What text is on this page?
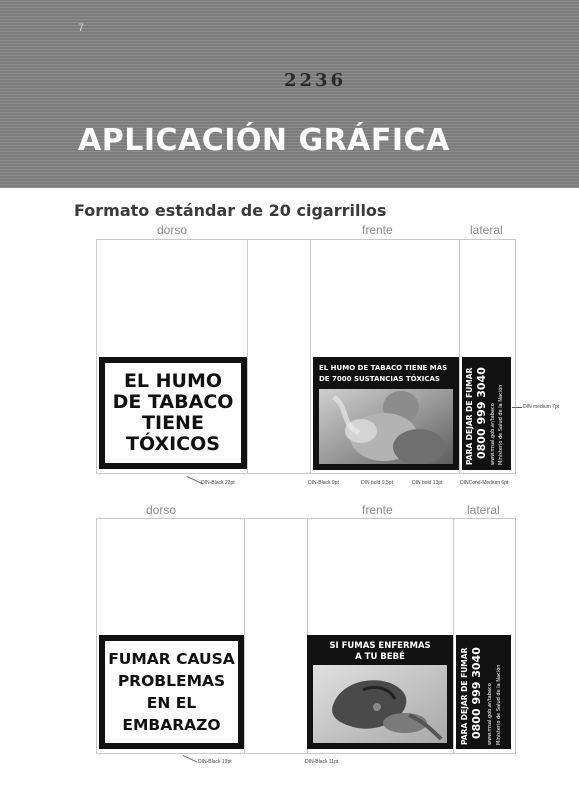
7
2236
APLICACIÓN GRÁFICA
Formato estándar de 20 cigarrillos
dorso	frente	lateral
EL HUMO
DE TABACO
TIENE
TÓXICOS
EL HUMO DE TABACO TIENE MÁS
DE 7000 SUSTANCIAS TÓXICAS	PARA DEJAR DE FUMAR 0800 999 3040 www.msal.gob.ar/tabaco Ministerio de Salud de la Nación
DIN-Black 22pt	DIN-Black 9pt	DIN bold 9,5pt	DIN bold 13pt	DINCond-Medium 6pt
DIN medium 7pt
dorso	frente	lateral
FUMAR CAUSA
PROBLEMAS
EN EL
EMBARAZO
SI FUMAS ENFERMAS
A TU BEBÉ	PARA DEJAR DE FUMAR 0800 999 3040 www.msal.gob.ar/tabaco Ministerio de Salud de la Nación
DIN-Black 19pt	DIN-Black 11pt
